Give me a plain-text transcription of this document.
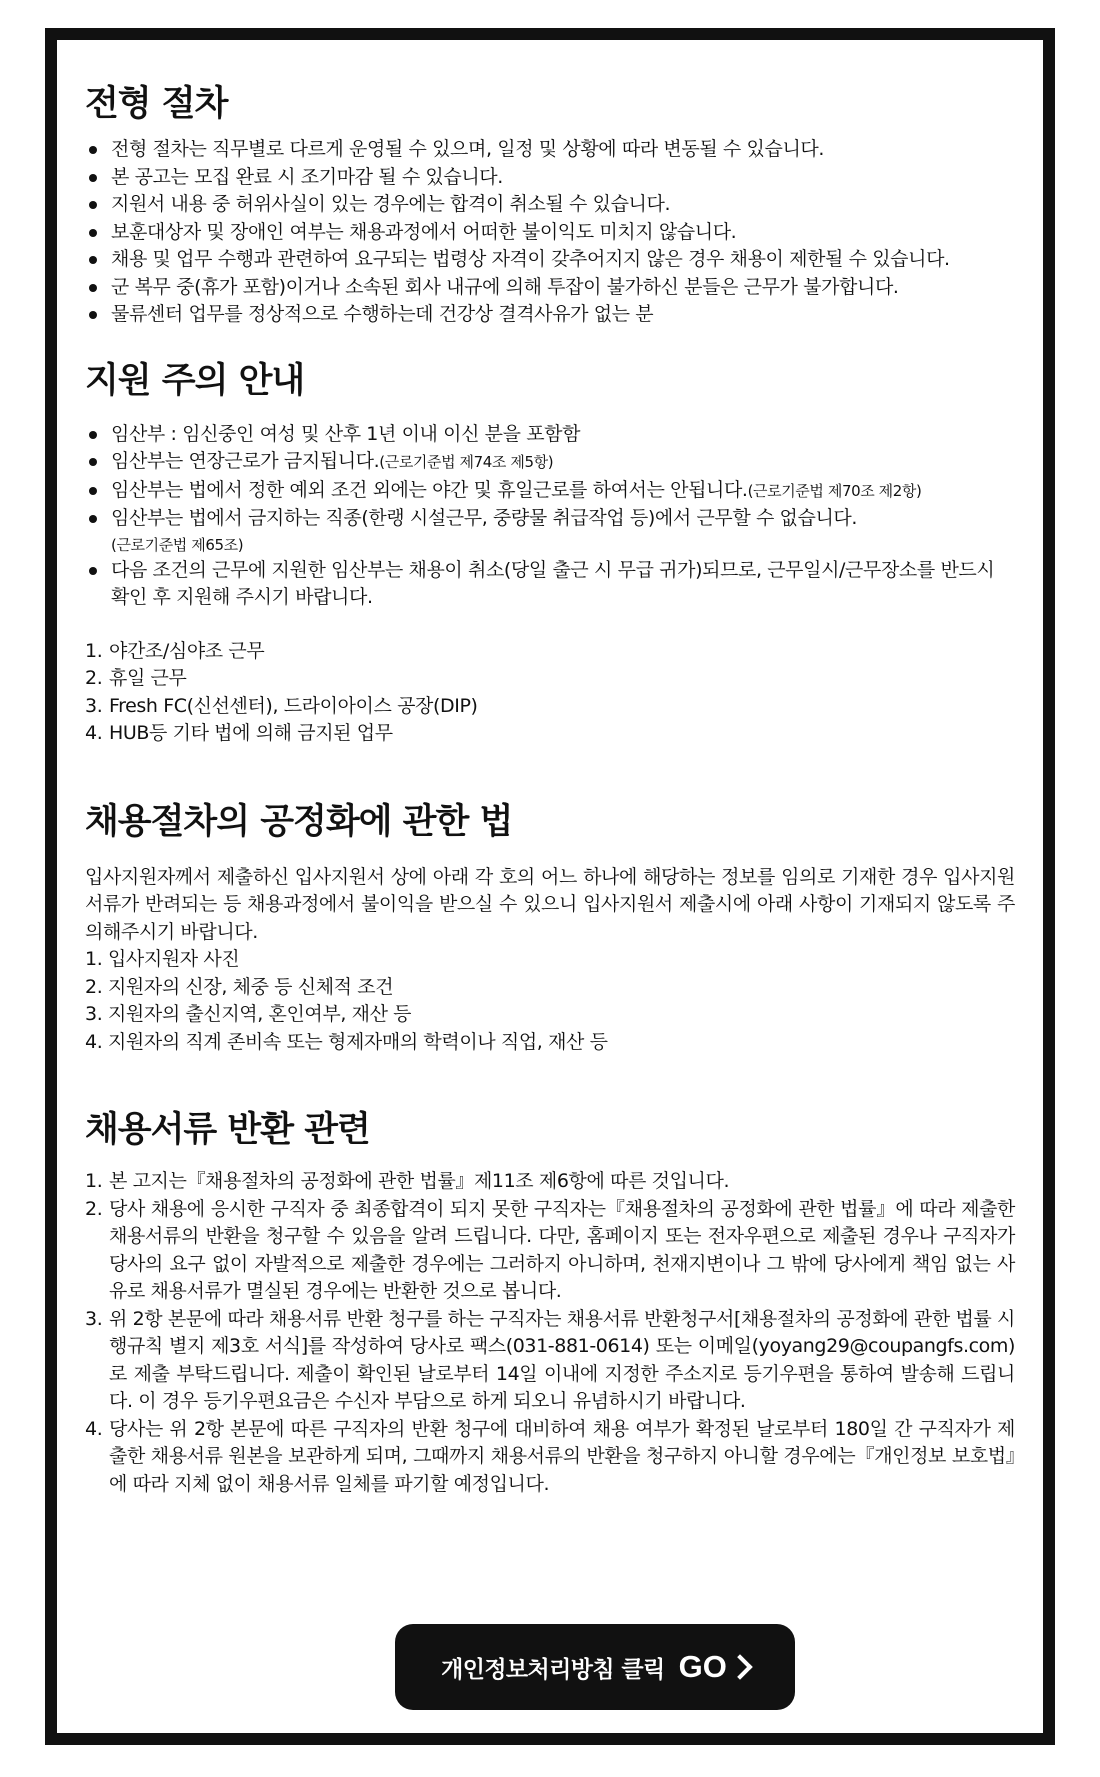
전형 절차
전형 절차는 직무별로 다르게 운영될 수 있으며, 일정 및 상황에 따라 변동될 수 있습니다.
본 공고는 모집 완료 시 조기마감 될 수 있습니다.
지원서 내용 중 허위사실이 있는 경우에는 합격이 취소될 수 있습니다.
보훈대상자 및 장애인 여부는 채용과정에서 어떠한 불이익도 미치지 않습니다.
채용 및 업무 수행과 관련하여 요구되는 법령상 자격이 갖추어지지 않은 경우 채용이 제한될 수 있습니다.
군 복무 중(휴가 포함)이거나 소속된 회사 내규에 의해 투잡이 불가하신 분들은 근무가 불가합니다.
물류센터 업무를 정상적으로 수행하는데 건강상 결격사유가 없는 분
지원 주의 안내
임산부 : 임신중인 여성 및 산후 1년 이내 이신 분을 포함함
임산부는 연장근로가 금지됩니다.(근로기준법 제74조 제5항)
임산부는 법에서 정한 예외 조건 외에는 야간 및 휴일근로를 하여서는 안됩니다.(근로기준법 제70조 제2항)
임산부는 법에서 금지하는 직종(한랭 시설근무, 중량물 취급작업 등)에서 근무할 수 없습니다.
(근로기준법 제65조)
다음 조건의 근무에 지원한 임산부는 채용이 취소(당일 출근 시 무급 귀가)되므로, 근무일시/근무장소를 반드시 확인 후 지원해 주시기 바랍니다.
1. 야간조/심야조 근무
2. 휴일 근무
3. Fresh FC(신선센터), 드라이아이스 공장(DIP)
4. HUB등 기타 법에 의해 금지된 업무
채용절차의 공정화에 관한 법

입사지원자께서 제출하신 입사지원서 상에 아래 각 호의 어느 하나에 해당하는 정보를 임의로 기재한 경우 입사지원서류가 반려되는 등 채용과정에서 불이익을 받으실 수 있으니 입사지원서 제출시에 아래 사항이 기재되지 않도록 주의해주시기 바랍니다.

1. 입사지원자 사진
2. 지원자의 신장, 체중 등 신체적 조건
3. 지원자의 출신지역, 혼인여부, 재산 등
4. 지원자의 직계 존비속 또는 형제자매의 학력이나 직업, 재산 등
채용서류 반환 관련
1. 본 고지는『채용절차의 공정화에 관한 법률』제11조 제6항에 따른 것입니다.
2. 당사 채용에 응시한 구직자 중 최종합격이 되지 못한 구직자는『채용절차의 공정화에 관한 법률』에 따라 제출한 채용서류의 반환을 청구할 수 있음을 알려 드립니다. 다만, 홈페이지 또는 전자우편으로 제출된 경우나 구직자가 당사의 요구 없이 자발적으로 제출한 경우에는 그러하지 아니하며, 천재지변이나 그 밖에 당사에게 책임 없는 사유로 채용서류가 멸실된 경우에는 반환한 것으로 봅니다.
3. 위 2항 본문에 따라 채용서류 반환 청구를 하는 구직자는 채용서류 반환청구서[채용절차의 공정화에 관한 법률 시행규칙 별지 제3호 서식]를 작성하여 당사로 팩스(031-881-0614) 또는 이메일(yoyang29@coupangfs.com)로 제출 부탁드립니다. 제출이 확인된 날로부터 14일 이내에 지정한 주소지로 등기우편을 통하여 발송해 드립니다. 이 경우 등기우편요금은 수신자 부담으로 하게 되오니 유념하시기 바랍니다.
4. 당사는 위 2항 본문에 따른 구직자의 반환 청구에 대비하여 채용 여부가 확정된 날로부터 180일 간 구직자가 제출한 채용서류 원본을 보관하게 되며, 그때까지 채용서류의 반환을 청구하지 아니할 경우에는『개인정보 보호법』에 따라 지체 없이 채용서류 일체를 파기할 예정입니다.
개인정보처리방침 클릭 GO
